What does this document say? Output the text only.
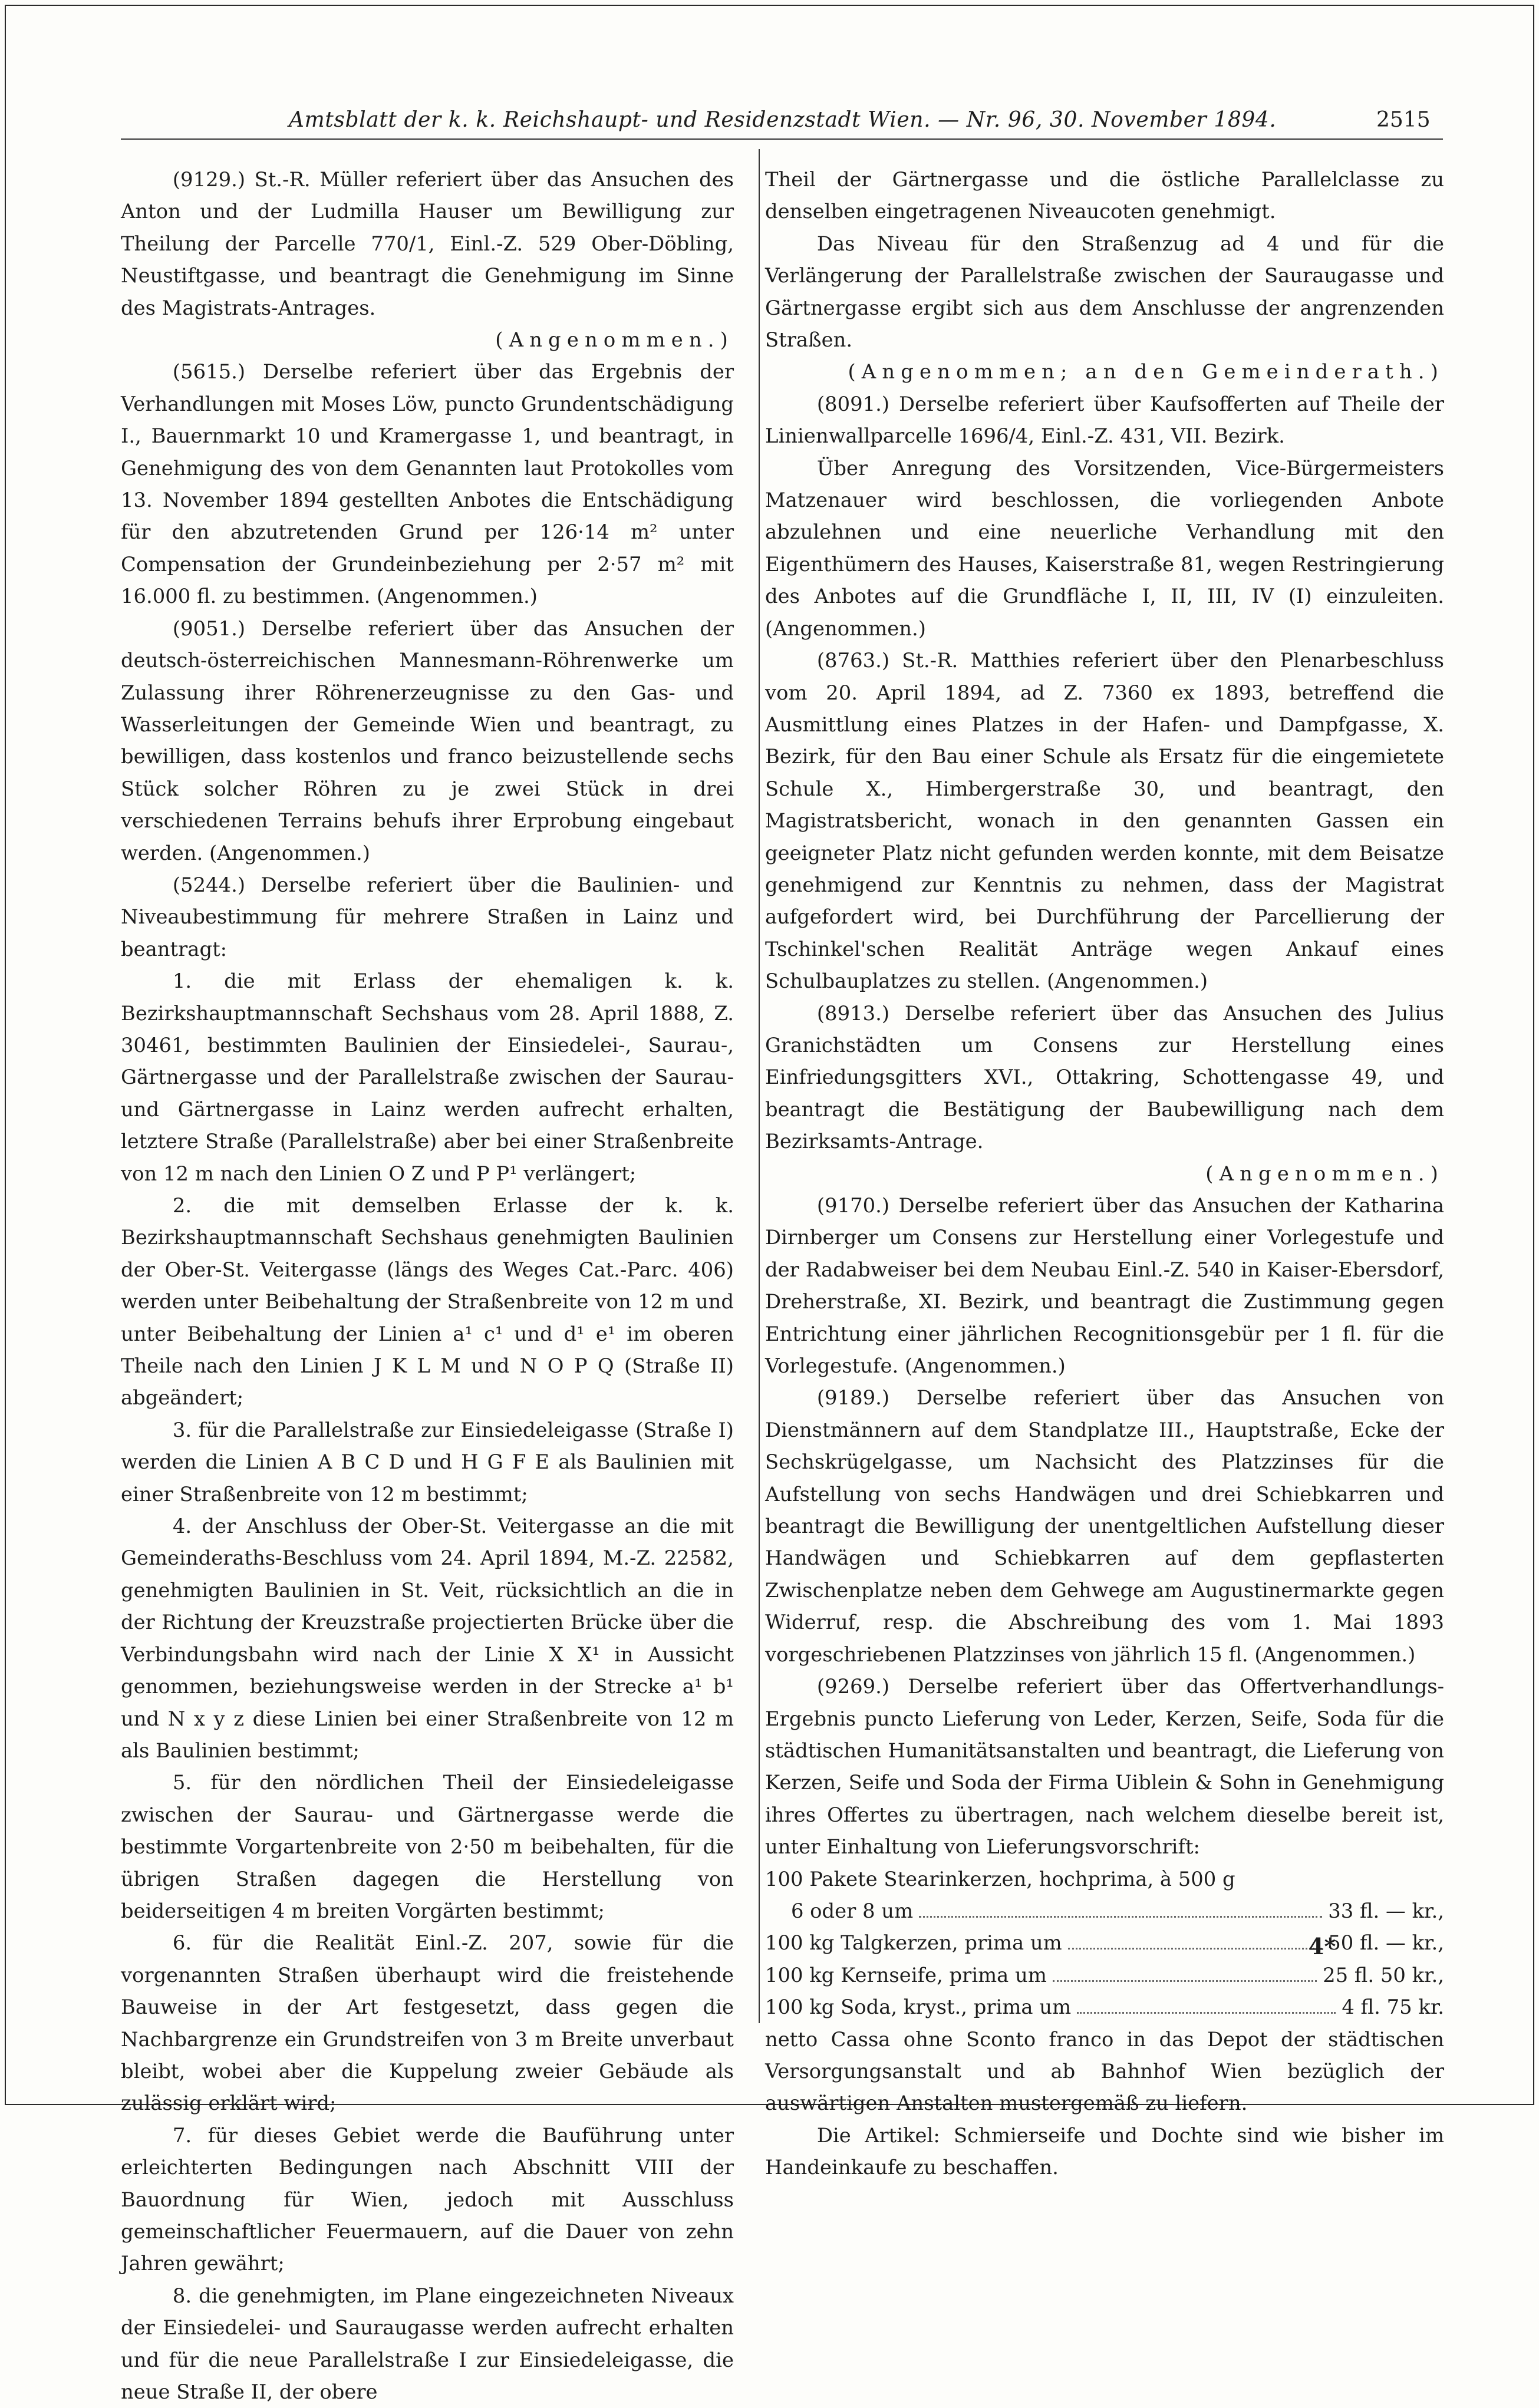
Amtsblatt der k. k. Reichshaupt- und Residenzstadt Wien. — Nr. 96, 30. November 1894.	2515

(9129.) St.-R. Müller referiert über das Ansuchen des Anton und der Ludmilla Hauser um Bewilligung zur Theilung der Parcelle 770/1, Einl.-Z. 529 Ober-Döbling, Neustiftgasse, und beantragt die Genehmigung im Sinne des Magistrats-Antrages.

(Angenommen.)

(5615.) Derselbe referiert über das Ergebnis der Verhandlungen mit Moses Löw, puncto Grundentschädigung I., Bauernmarkt 10 und Kramergasse 1, und beantragt, in Genehmigung des von dem Genannten laut Protokolles vom 13. November 1894 gestellten Anbotes die Entschädigung für den abzutretenden Grund per 126·14 m² unter Compensation der Grundeinbeziehung per 2·57 m² mit 16.000 fl. zu bestimmen. (Angenommen.)

(9051.) Derselbe referiert über das Ansuchen der deutsch-österreichischen Mannesmann-Röhrenwerke um Zulassung ihrer Röhrenerzeugnisse zu den Gas- und Wasserleitungen der Gemeinde Wien und beantragt, zu bewilligen, dass kostenlos und franco beizustellende sechs Stück solcher Röhren zu je zwei Stück in drei verschiedenen Terrains behufs ihrer Erprobung eingebaut werden. (Angenommen.)

(5244.) Derselbe referiert über die Baulinien- und Niveaubestimmung für mehrere Straßen in Lainz und beantragt:

1. die mit Erlass der ehemaligen k. k. Bezirkshauptmannschaft Sechshaus vom 28. April 1888, Z. 30461, bestimmten Baulinien der Einsiedelei-, Saurau-, Gärtnergasse und der Parallelstraße zwischen der Saurau- und Gärtnergasse in Lainz werden aufrecht erhalten, letztere Straße (Parallelstraße) aber bei einer Straßenbreite von 12 m nach den Linien O Z und P P¹ verlängert;

2. die mit demselben Erlasse der k. k. Bezirkshauptmannschaft Sechshaus genehmigten Baulinien der Ober-St. Veitergasse (längs des Weges Cat.-Parc. 406) werden unter Beibehaltung der Straßenbreite von 12 m und unter Beibehaltung der Linien a¹ c¹ und d¹ e¹ im oberen Theile nach den Linien J K L M und N O P Q (Straße II) abgeändert;

3. für die Parallelstraße zur Einsiedeleigasse (Straße I) werden die Linien A B C D und H G F E als Baulinien mit einer Straßenbreite von 12 m bestimmt;

4. der Anschluss der Ober-St. Veitergasse an die mit Gemeinderaths-Beschluss vom 24. April 1894, M.-Z. 22582, genehmigten Baulinien in St. Veit, rücksichtlich an die in der Richtung der Kreuzstraße projectierten Brücke über die Verbindungsbahn wird nach der Linie X X¹ in Aussicht genommen, beziehungsweise werden in der Strecke a¹ b¹ und N x y z diese Linien bei einer Straßenbreite von 12 m als Baulinien bestimmt;

5. für den nördlichen Theil der Einsiedeleigasse zwischen der Saurau- und Gärtnergasse werde die bestimmte Vorgartenbreite von 2·50 m beibehalten, für die übrigen Straßen dagegen die Herstellung von beiderseitigen 4 m breiten Vorgärten bestimmt;

6. für die Realität Einl.-Z. 207, sowie für die vorgenannten Straßen überhaupt wird die freistehende Bauweise in der Art festgesetzt, dass gegen die Nachbargrenze ein Grundstreifen von 3 m Breite unverbaut bleibt, wobei aber die Kuppelung zweier Gebäude als zulässig erklärt wird;

7. für dieses Gebiet werde die Bauführung unter erleichterten Bedingungen nach Abschnitt VIII der Bauordnung für Wien, jedoch mit Ausschluss gemeinschaftlicher Feuermauern, auf die Dauer von zehn Jahren gewährt;

8. die genehmigten, im Plane eingezeichneten Niveaux der Einsiedelei- und Sauraugasse werden aufrecht erhalten und für die neue Parallelstraße I zur Einsiedeleigasse, die neue Straße II, der obere

Theil der Gärtnergasse und die östliche Parallelclasse zu denselben eingetragenen Niveaucoten genehmigt.

Das Niveau für den Straßenzug ad 4 und für die Verlängerung der Parallelstraße zwischen der Sauraugasse und Gärtnergasse ergibt sich aus dem Anschlusse der angrenzenden Straßen.

(Angenommen; an den Gemeinderath.)

(8091.) Derselbe referiert über Kaufsofferten auf Theile der Linienwallparcelle 1696/4, Einl.-Z. 431, VII. Bezirk.

Über Anregung des Vorsitzenden, Vice-Bürgermeisters Matzenauer wird beschlossen, die vorliegenden Anbote abzulehnen und eine neuerliche Verhandlung mit den Eigenthümern des Hauses, Kaiserstraße 81, wegen Restringierung des Anbotes auf die Grundfläche I, II, III, IV (I) einzuleiten. (Angenommen.)

(8763.) St.-R. Matthies referiert über den Plenarbeschluss vom 20. April 1894, ad Z. 7360 ex 1893, betreffend die Ausmittlung eines Platzes in der Hafen- und Dampfgasse, X. Bezirk, für den Bau einer Schule als Ersatz für die eingemietete Schule X., Himbergerstraße 30, und beantragt, den Magistratsbericht, wonach in den genannten Gassen ein geeigneter Platz nicht gefunden werden konnte, mit dem Beisatze genehmigend zur Kenntnis zu nehmen, dass der Magistrat aufgefordert wird, bei Durchführung der Parcellierung der Tschinkel'schen Realität Anträge wegen Ankauf eines Schulbauplatzes zu stellen. (Angenommen.)

(8913.) Derselbe referiert über das Ansuchen des Julius Granichstädten um Consens zur Herstellung eines Einfriedungsgitters XVI., Ottakring, Schottengasse 49, und beantragt die Bestätigung der Baubewilligung nach dem Bezirksamts-Antrage.

(Angenommen.)

(9170.) Derselbe referiert über das Ansuchen der Katharina Dirnberger um Consens zur Herstellung einer Vorlegestufe und der Radabweiser bei dem Neubau Einl.-Z. 540 in Kaiser-Ebersdorf, Dreherstraße, XI. Bezirk, und beantragt die Zustimmung gegen Entrichtung einer jährlichen Recognitionsgebür per 1 fl. für die Vorlegestufe. (Angenommen.)

(9189.) Derselbe referiert über das Ansuchen von Dienstmännern auf dem Standplatze III., Hauptstraße, Ecke der Sechskrügelgasse, um Nachsicht des Platzzinses für die Aufstellung von sechs Handwägen und drei Schiebkarren und beantragt die Bewilligung der unentgeltlichen Aufstellung dieser Handwägen und Schiebkarren auf dem gepflasterten Zwischenplatze neben dem Gehwege am Augustinermarkte gegen Widerruf, resp. die Abschreibung des vom 1. Mai 1893 vorgeschriebenen Platzzinses von jährlich 15 fl. (Angenommen.)

(9269.) Derselbe referiert über das Offertverhandlungs-Ergebnis puncto Lieferung von Leder, Kerzen, Seife, Soda für die städtischen Humanitätsanstalten und beantragt, die Lieferung von Kerzen, Seife und Soda der Firma Uiblein & Sohn in Genehmigung ihres Offertes zu übertragen, nach welchem dieselbe bereit ist, unter Einhaltung von Lieferungsvorschrift:

100 Pakete Stearinkerzen, hochprima, à 500 g

6 oder 8 um	33 fl. — kr.,

100 kg Talgkerzen, prima um	50 fl. — kr.,

100 kg Kernseife, prima um	25 fl. 50 kr.,

100 kg Soda, kryst., prima um	4 fl. 75 kr.

netto Cassa ohne Sconto franco in das Depot der städtischen Versorgungsanstalt und ab Bahnhof Wien bezüglich der auswärtigen Anstalten mustergemäß zu liefern.

Die Artikel: Schmierseife und Dochte sind wie bisher im Handeinkaufe zu beschaffen.

4*
